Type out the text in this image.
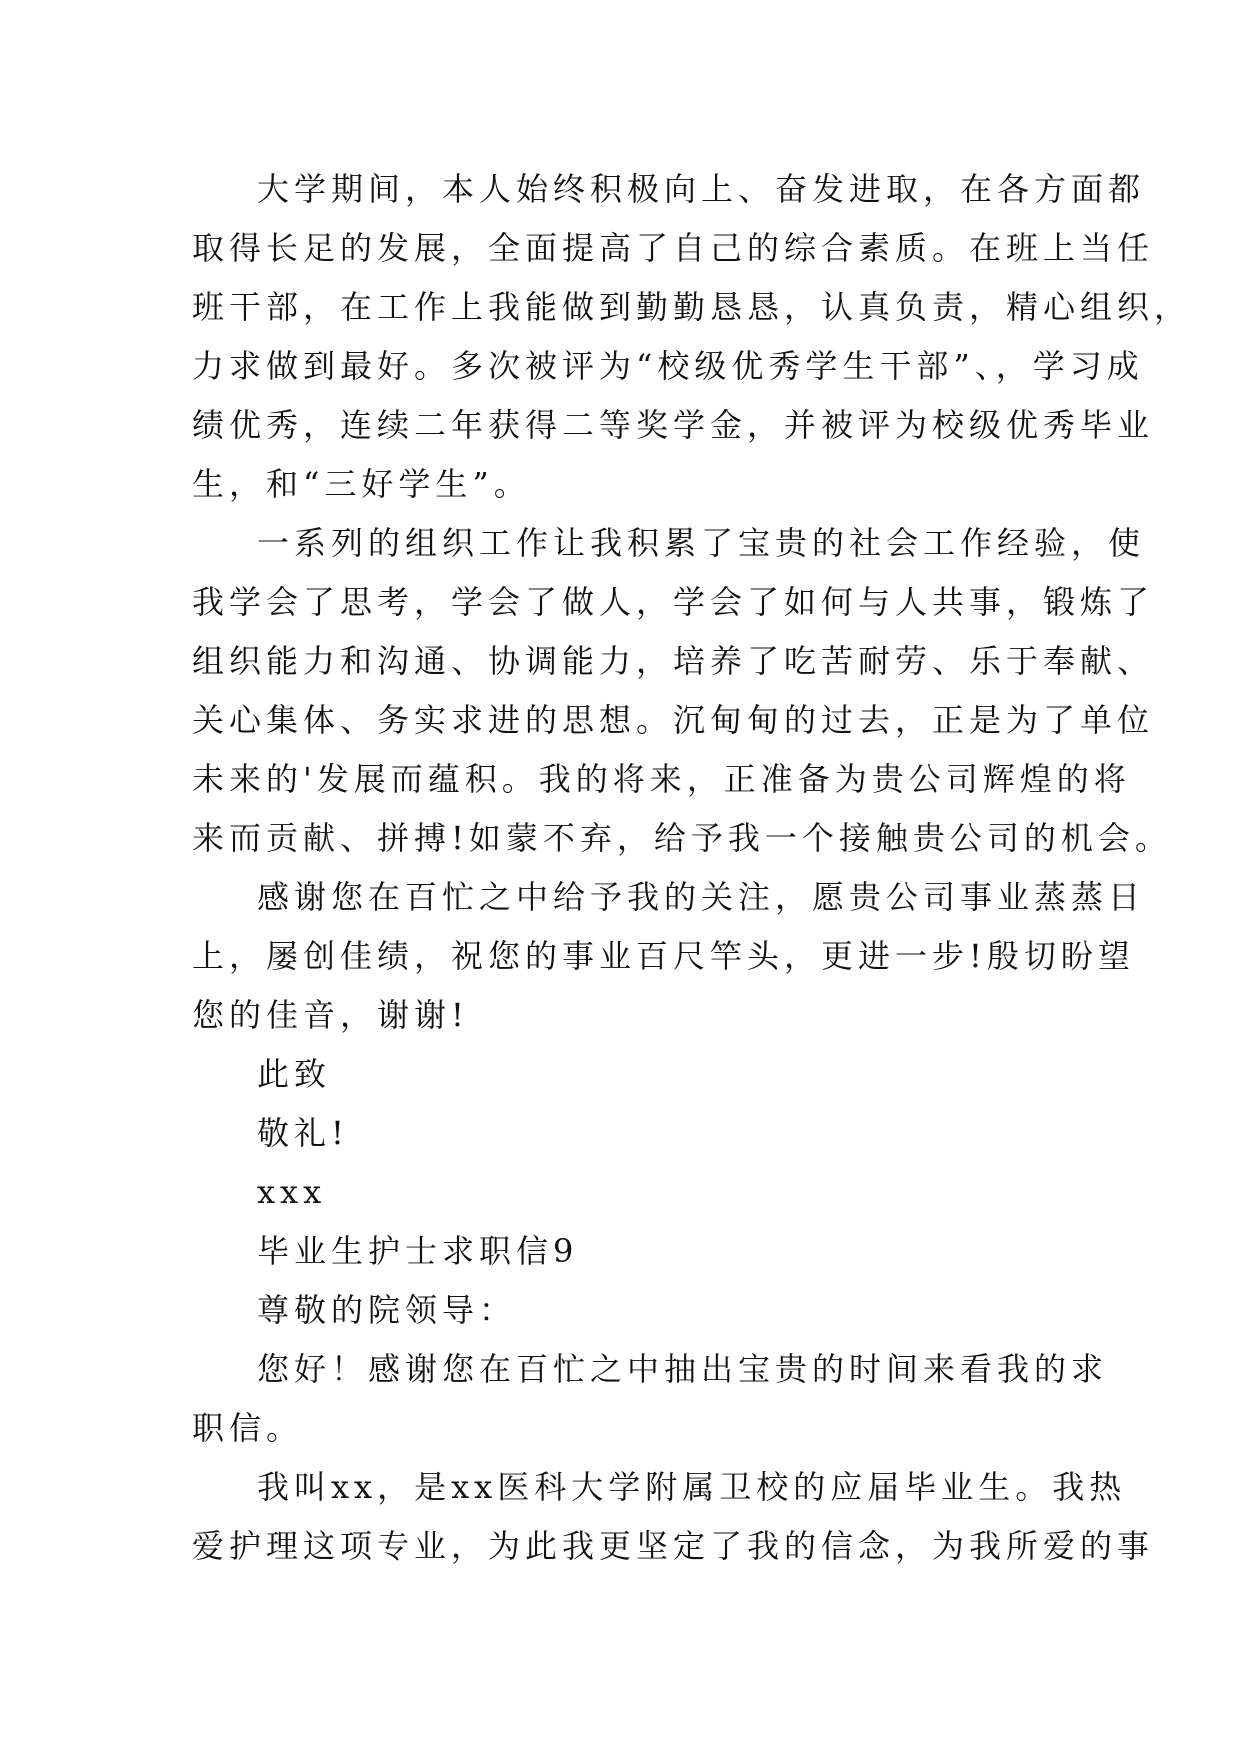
大学期间，本人始终积极向上、奋发进取，在各方面都
取得长足的发展，全面提高了自己的综合素质。在班上当任
班干部，在工作上我能做到勤勤恳恳，认真负责，精心组织，
力求做到最好。多次被评为“校级优秀学生干部”、，学习成
绩优秀，连续二年获得二等奖学金，并被评为校级优秀毕业
生，和“三好学生”。
一系列的组织工作让我积累了宝贵的社会工作经验，使
我学会了思考，学会了做人，学会了如何与人共事，锻炼了
组织能力和沟通、协调能力，培养了吃苦耐劳、乐于奉献、
关心集体、务实求进的思想。沉甸甸的过去，正是为了单位
未来的'发展而蕴积。我的将来，正准备为贵公司辉煌的将
来而贡献、拼搏!如蒙不弃，给予我一个接触贵公司的机会。
感谢您在百忙之中给予我的关注，愿贵公司事业蒸蒸日
上，屡创佳绩，祝您的事业百尺竿头，更进一步!殷切盼望
您的佳音，谢谢!
此致
敬礼!
xxx
毕业生护士求职信9
尊敬的院领导：
您好！感谢您在百忙之中抽出宝贵的时间来看我的求
职信。
我叫xx，是xx医科大学附属卫校的应届毕业生。我热
爱护理这项专业，为此我更坚定了我的信念，为我所爱的事
